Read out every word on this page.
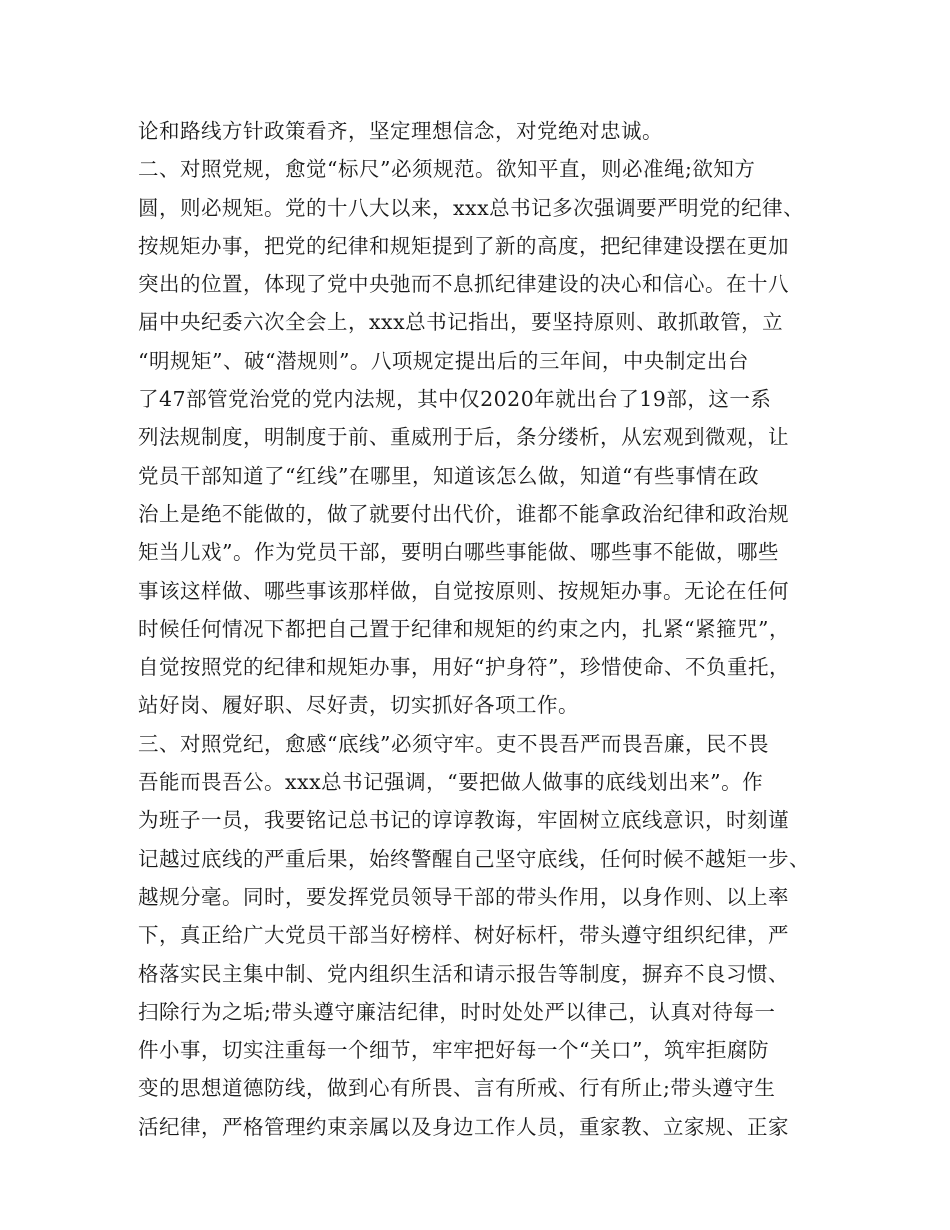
论和路线方针政策看齐，坚定理想信念，对党绝对忠诚。
二、对照党规，愈觉“标尺”必须规范。欲知平直，则必准绳;欲知方
圆，则必规矩。党的十八大以来，xxx总书记多次强调要严明党的纪律、
按规矩办事，把党的纪律和规矩提到了新的高度，把纪律建设摆在更加
突出的位置，体现了党中央弛而不息抓纪律建设的决心和信心。在十八
届中央纪委六次全会上，xxx总书记指出，要坚持原则、敢抓敢管，立
“明规矩”、破“潜规则”。八项规定提出后的三年间，中央制定出台
了47部管党治党的党内法规，其中仅2020年就出台了19部，这一系
列法规制度，明制度于前、重威刑于后，条分缕析，从宏观到微观，让
党员干部知道了“红线”在哪里，知道该怎么做，知道“有些事情在政
治上是绝不能做的，做了就要付出代价，谁都不能拿政治纪律和政治规
矩当儿戏”。作为党员干部，要明白哪些事能做、哪些事不能做，哪些
事该这样做、哪些事该那样做，自觉按原则、按规矩办事。无论在任何
时候任何情况下都把自己置于纪律和规矩的约束之内，扎紧“紧箍咒”，
自觉按照党的纪律和规矩办事，用好“护身符”，珍惜使命、不负重托，
站好岗、履好职、尽好责，切实抓好各项工作。
三、对照党纪，愈感“底线”必须守牢。吏不畏吾严而畏吾廉，民不畏
吾能而畏吾公。xxx总书记强调，“要把做人做事的底线划出来”。作
为班子一员，我要铭记总书记的谆谆教诲，牢固树立底线意识，时刻谨
记越过底线的严重后果，始终警醒自己坚守底线，任何时候不越矩一步、
越规分毫。同时，要发挥党员领导干部的带头作用，以身作则、以上率
下，真正给广大党员干部当好榜样、树好标杆，带头遵守组织纪律，严
格落实民主集中制、党内组织生活和请示报告等制度，摒弃不良习惯、
扫除行为之垢;带头遵守廉洁纪律，时时处处严以律己，认真对待每一
件小事，切实注重每一个细节，牢牢把好每一个“关口”，筑牢拒腐防
变的思想道德防线，做到心有所畏、言有所戒、行有所止;带头遵守生
活纪律，严格管理约束亲属以及身边工作人员，重家教、立家规、正家
